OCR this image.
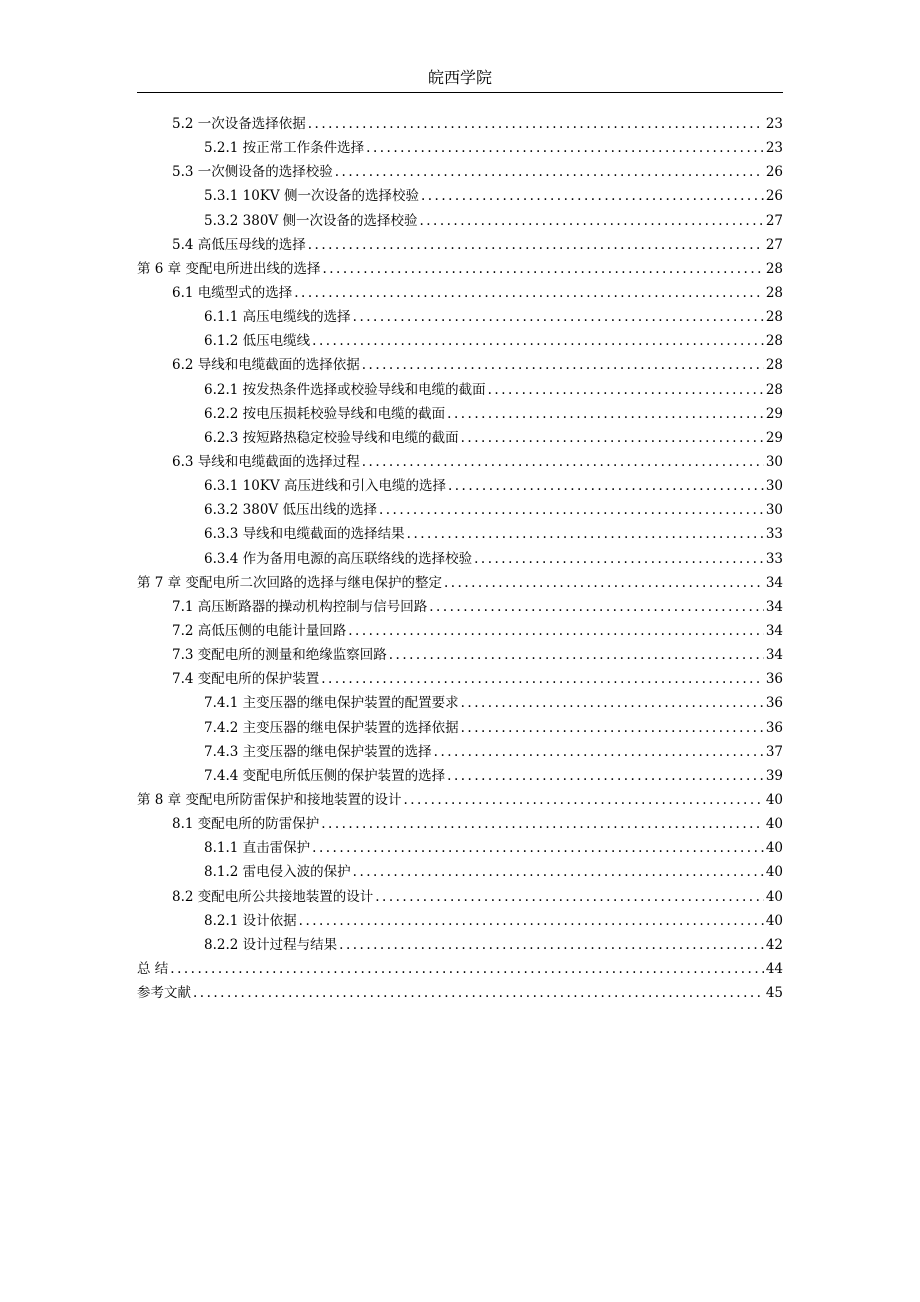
皖西学院
5.2 一次设备选择依据 .....	23
5.2.1 按正常工作条件选择 .....	23
5.3 一次侧设备的选择校验 .....	26
5.3.1 10KV 侧一次设备的选择校验 .....	26
5.3.2 380V 侧一次设备的选择校验 .....	27
5.4 高低压母线的选择 .....	27
第 6 章 变配电所进出线的选择 .....	28
6.1 电缆型式的选择 .....	28
6.1.1 高压电缆线的选择 .....	28
6.1.2 低压电缆线 .....	28
6.2 导线和电缆截面的选择依据 .....	28
6.2.1 按发热条件选择或校验导线和电缆的截面 .....	28
6.2.2 按电压损耗校验导线和电缆的截面 .....	29
6.2.3 按短路热稳定校验导线和电缆的截面 .....	29
6.3 导线和电缆截面的选择过程 .....	30
6.3.1 10KV 高压进线和引入电缆的选择 .....	30
6.3.2 380V 低压出线的选择 .....	30
6.3.3 导线和电缆截面的选择结果 .....	33
6.3.4 作为备用电源的高压联络线的选择校验 .....	33
第 7 章 变配电所二次回路的选择与继电保护的整定 .....	34
7.1 高压断路器的操动机构控制与信号回路 .....	34
7.2 高低压侧的电能计量回路 .....	34
7.3 变配电所的测量和绝缘监察回路 .....	34
7.4 变配电所的保护装置 .....	36
7.4.1 主变压器的继电保护装置的配置要求 .....	36
7.4.2 主变压器的继电保护装置的选择依据 .....	36
7.4.3 主变压器的继电保护装置的选择 .....	37
7.4.4 变配电所低压侧的保护装置的选择 .....	39
第 8 章 变配电所防雷保护和接地装置的设计 .....	40
8.1 变配电所的防雷保护 .....	40
8.1.1 直击雷保护 .....	40
8.1.2 雷电侵入波的保护 .....	40
8.2 变配电所公共接地装置的设计 .....	40
8.2.1 设计依据 .....	40
8.2.2 设计过程与结果 .....	42
总 结 .....	44
参考文献 .....	45
